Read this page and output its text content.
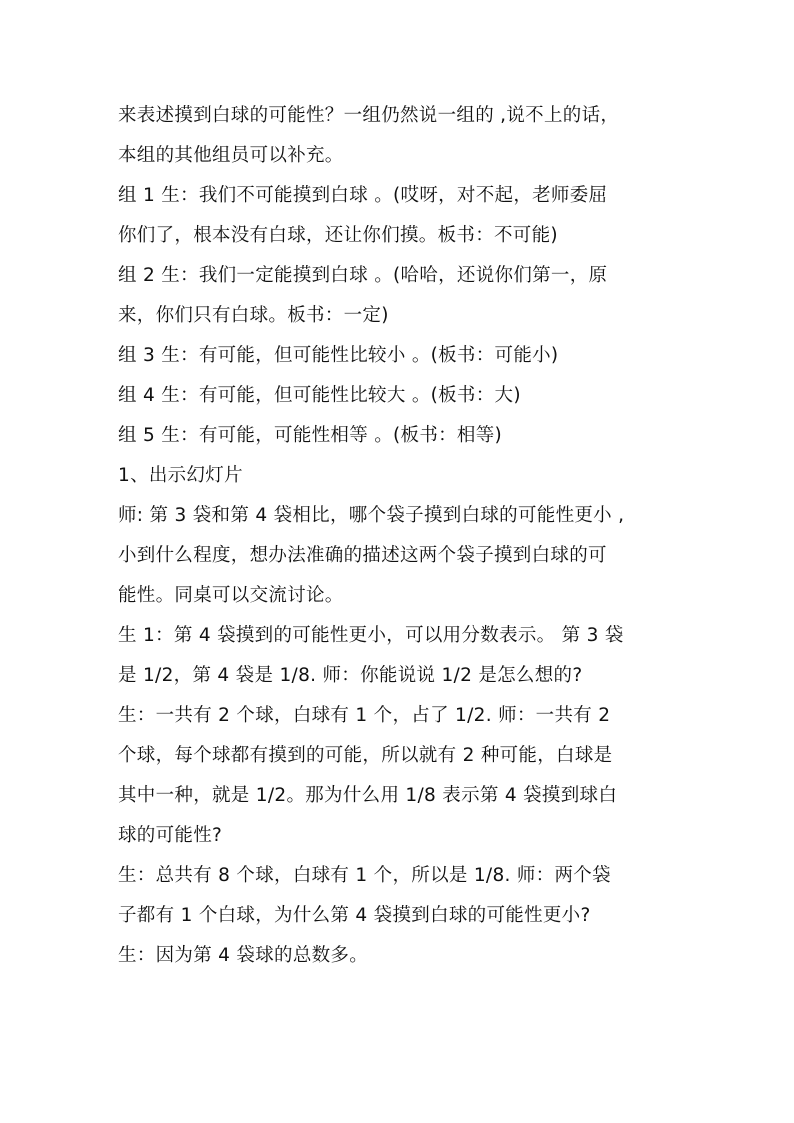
来表述摸到白球的可能性？一组仍然说一组的 ,说不上的话，
本组的其他组员可以补充。
组 1 生：我们不可能摸到白球 。(哎呀，对不起，老师委屈
你们了，根本没有白球，还让你们摸。板书：不可能)
组 2 生：我们一定能摸到白球 。(哈哈，还说你们第一，原
来，你们只有白球。板书：一定)
组 3 生：有可能，但可能性比较小 。(板书：可能小)
组 4 生：有可能，但可能性比较大 。(板书：大)
组 5 生：有可能，可能性相等 。(板书：相等)
1、出示幻灯片
师: 第 3 袋和第 4 袋相比，哪个袋子摸到白球的可能性更小 ,
小到什么程度，想办法准确的描述这两个袋子摸到白球的可
能性。同桌可以交流讨论。
生 1：第 4 袋摸到的可能性更小，可以用分数表示。 第 3 袋
是 1/2，第 4 袋是 1/8. 师：你能说说 1/2 是怎么想的?
生：一共有 2 个球，白球有 1 个，占了 1/2. 师：一共有 2
个球，每个球都有摸到的可能，所以就有 2 种可能，白球是
其中一种，就是 1/2。那为什么用 1/8 表示第 4 袋摸到球白
球的可能性?
生：总共有 8 个球，白球有 1 个，所以是 1/8. 师：两个袋
子都有 1 个白球，为什么第 4 袋摸到白球的可能性更小?
生：因为第 4 袋球的总数多。
